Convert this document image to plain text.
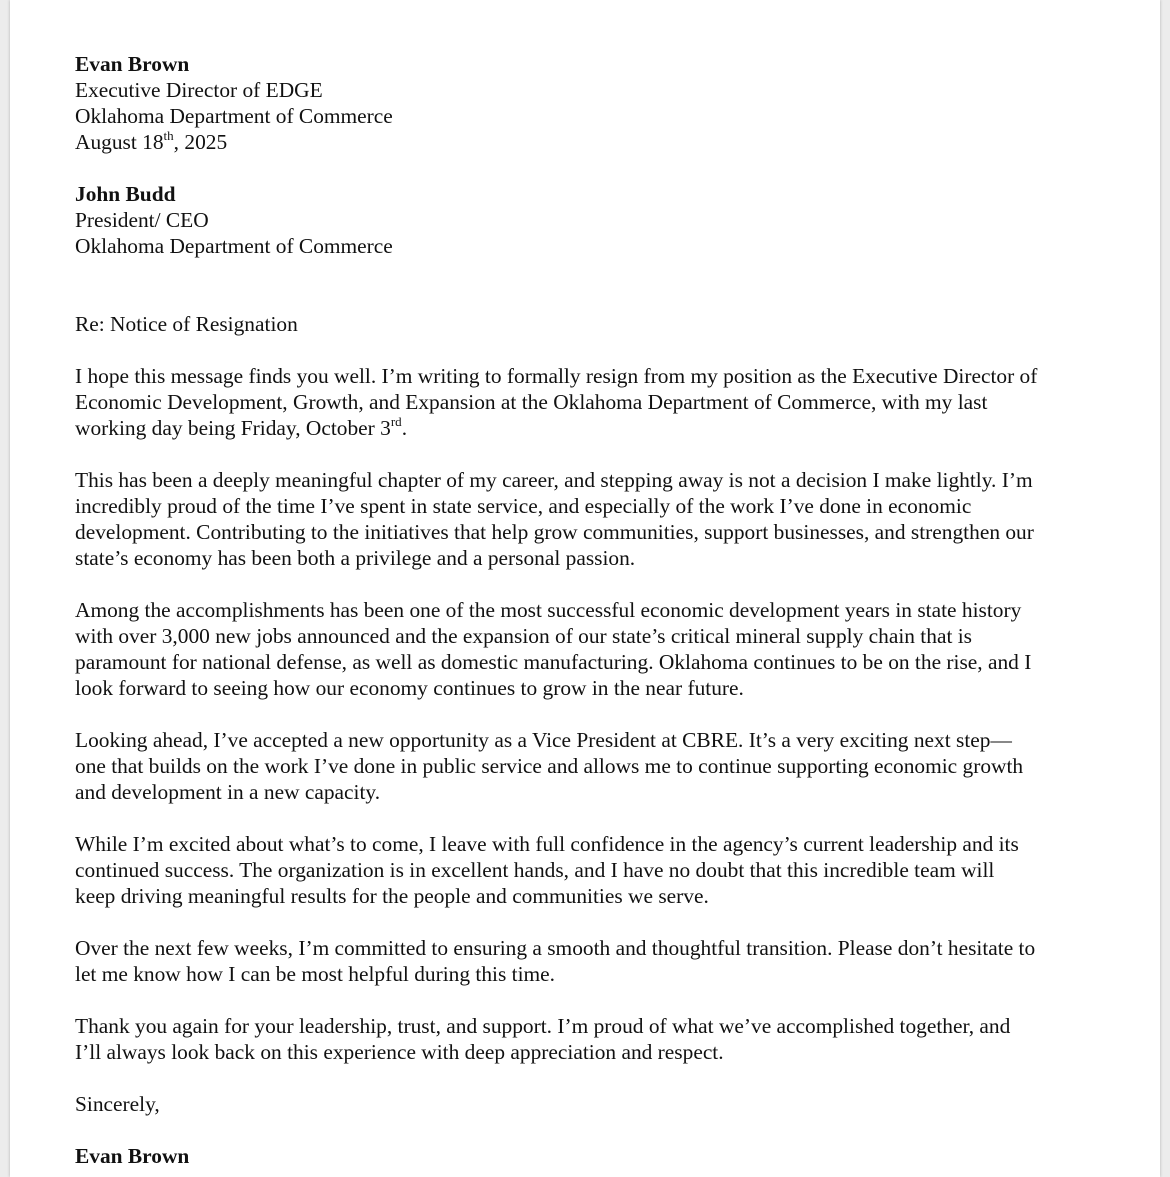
Evan Brown
Executive Director of EDGE
Oklahoma Department of Commerce
August 18th, 2025
John Budd
President/ CEO
Oklahoma Department of Commerce
Re: Notice of Resignation

I hope this message finds you well. I’m writing to formally resign from my position as the Executive Director of
Economic Development, Growth, and Expansion at the Oklahoma Department of Commerce, with my last
working day being Friday, October 3rd.

This has been a deeply meaningful chapter of my career, and stepping away is not a decision I make lightly. I’m
incredibly proud of the time I’ve spent in state service, and especially of the work I’ve done in economic
development. Contributing to the initiatives that help grow communities, support businesses, and strengthen our
state’s economy has been both a privilege and a personal passion.

Among the accomplishments has been one of the most successful economic development years in state history
with over 3,000 new jobs announced and the expansion of our state’s critical mineral supply chain that is
paramount for national defense, as well as domestic manufacturing. Oklahoma continues to be on the rise, and I
look forward to seeing how our economy continues to grow in the near future.

Looking ahead, I’ve accepted a new opportunity as a Vice President at CBRE. It’s a very exciting next step—
one that builds on the work I’ve done in public service and allows me to continue supporting economic growth
and development in a new capacity.

While I’m excited about what’s to come, I leave with full confidence in the agency’s current leadership and its
continued success. The organization is in excellent hands, and I have no doubt that this incredible team will
keep driving meaningful results for the people and communities we serve.

Over the next few weeks, I’m committed to ensuring a smooth and thoughtful transition. Please don’t hesitate to
let me know how I can be most helpful during this time.

Thank you again for your leadership, trust, and support. I’m proud of what we’ve accomplished together, and
I’ll always look back on this experience with deep appreciation and respect.

Sincerely,

Evan Brown
